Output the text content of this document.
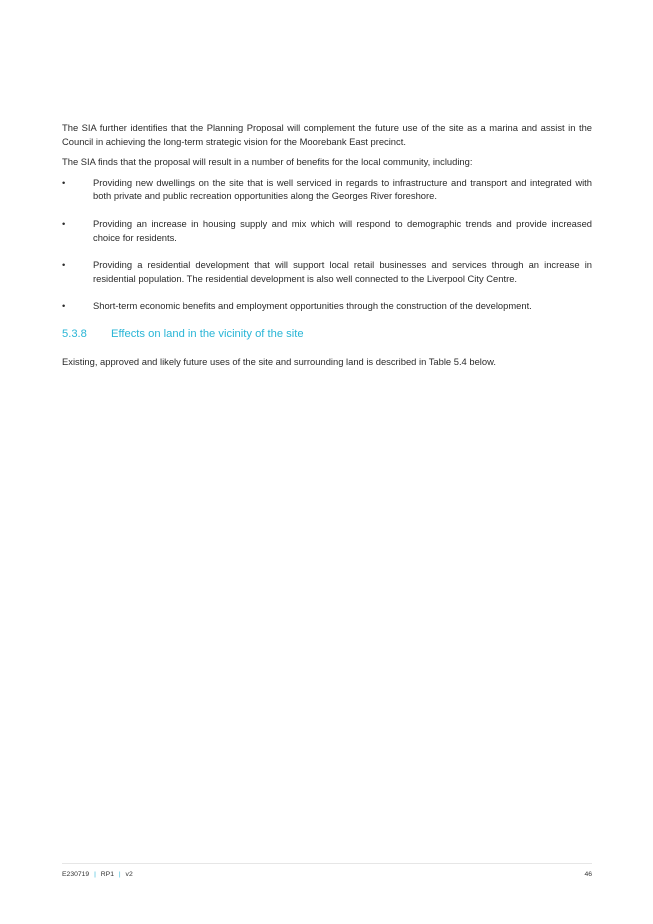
The SIA further identifies that the Planning Proposal will complement the future use of the site as a marina and assist in the Council in achieving the long-term strategic vision for the Moorebank East precinct.

The SIA finds that the proposal will result in a number of benefits for the local community, including:

•	Providing new dwellings on the site that is well serviced in regards to infrastructure and transport and integrated with both private and public recreation opportunities along the Georges River foreshore.
•	Providing an increase in housing supply and mix which will respond to demographic trends and provide increased choice for residents.
•	Providing a residential development that will support local retail businesses and services through an increase in residential population. The residential development is also well connected to the Liverpool City Centre.
•	Short-term economic benefits and employment opportunities through the construction of the development.
5.3.8	Effects on land in the vicinity of the site

Existing, approved and likely future uses of the site and surrounding land is described in Table 5.4 below.

E230719 | RP1 | v2	46
